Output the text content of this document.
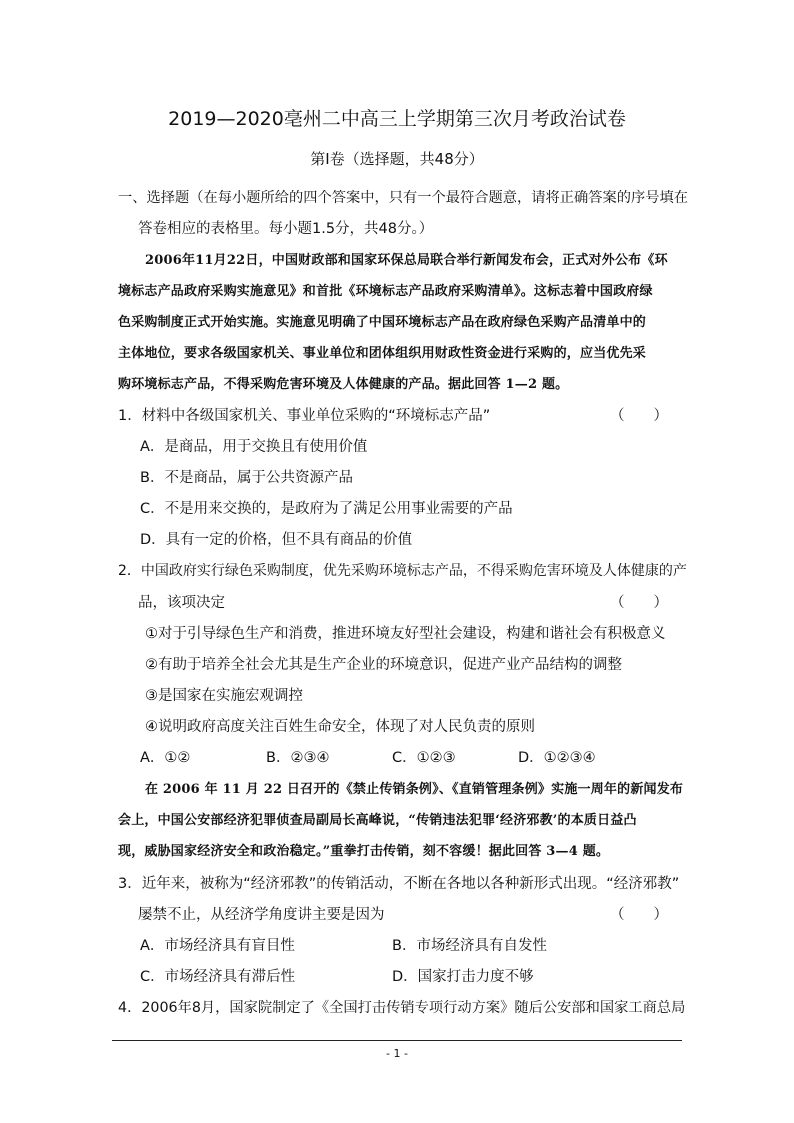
2019—2020亳州二中高三上学期第三次月考政治试卷
第Ⅰ卷（选择题，共48分）
一、选择题（在每小题所给的四个答案中，只有一个最符合题意，请将正确答案的序号填在
答卷相应的表格里。每小题1.5分，共48分。）
2006年11月22日，中国财政部和国家环保总局联合举行新闻发布会，正式对外公布《环
境标志产品政府采购实施意见》和首批《环境标志产品政府采购清单》。这标志着中国政府绿
色采购制度正式开始实施。实施意见明确了中国环境标志产品在政府绿色采购产品清单中的
主体地位，要求各级国家机关、事业单位和团体组织用财政性资金进行采购的，应当优先采
购环境标志产品，不得采购危害环境及人体健康的产品。据此回答 1—2 题。
1．材料中各级国家机关、事业单位采购的“环境标志产品”	（　　）
A．是商品，用于交换且有使用价值
B．不是商品，属于公共资源产品
C．不是用来交换的，是政府为了满足公用事业需要的产品
D．具有一定的价格，但不具有商品的价值
2．中国政府实行绿色采购制度，优先采购环境标志产品，不得采购危害环境及人体健康的产
品，该项决定	（　　）
①对于引导绿色生产和消费，推进环境友好型社会建设，构建和谐社会有积极意义
②有助于培养全社会尤其是生产企业的环境意识，促进产业产品结构的调整
③是国家在实施宏观调控
④说明政府高度关注百姓生命安全，体现了对人民负责的原则
A．①②	B．②③④	C．①②③	D．①②③④
在 2006 年 11 月 22 日召开的《禁止传销条例》、《直销管理条例》实施一周年的新闻发布
会上，中国公安部经济犯罪侦查局副局长高峰说，“传销违法犯罪‘经济邪教’的本质日益凸
现，威胁国家经济安全和政治稳定。”重拳打击传销，刻不容缓！据此回答 3—4 题。
3．近年来，被称为“经济邪教”的传销活动，不断在各地以各种新形式出现。“经济邪教”
屡禁不止，从经济学角度讲主要是因为	（　　）
A．市场经济具有盲目性	B．市场经济具有自发性
C．市场经济具有滞后性	D．国家打击力度不够
4．2006年8月，国家院制定了《全国打击传销专项行动方案》随后公安部和国家工商总局
- 1 -
